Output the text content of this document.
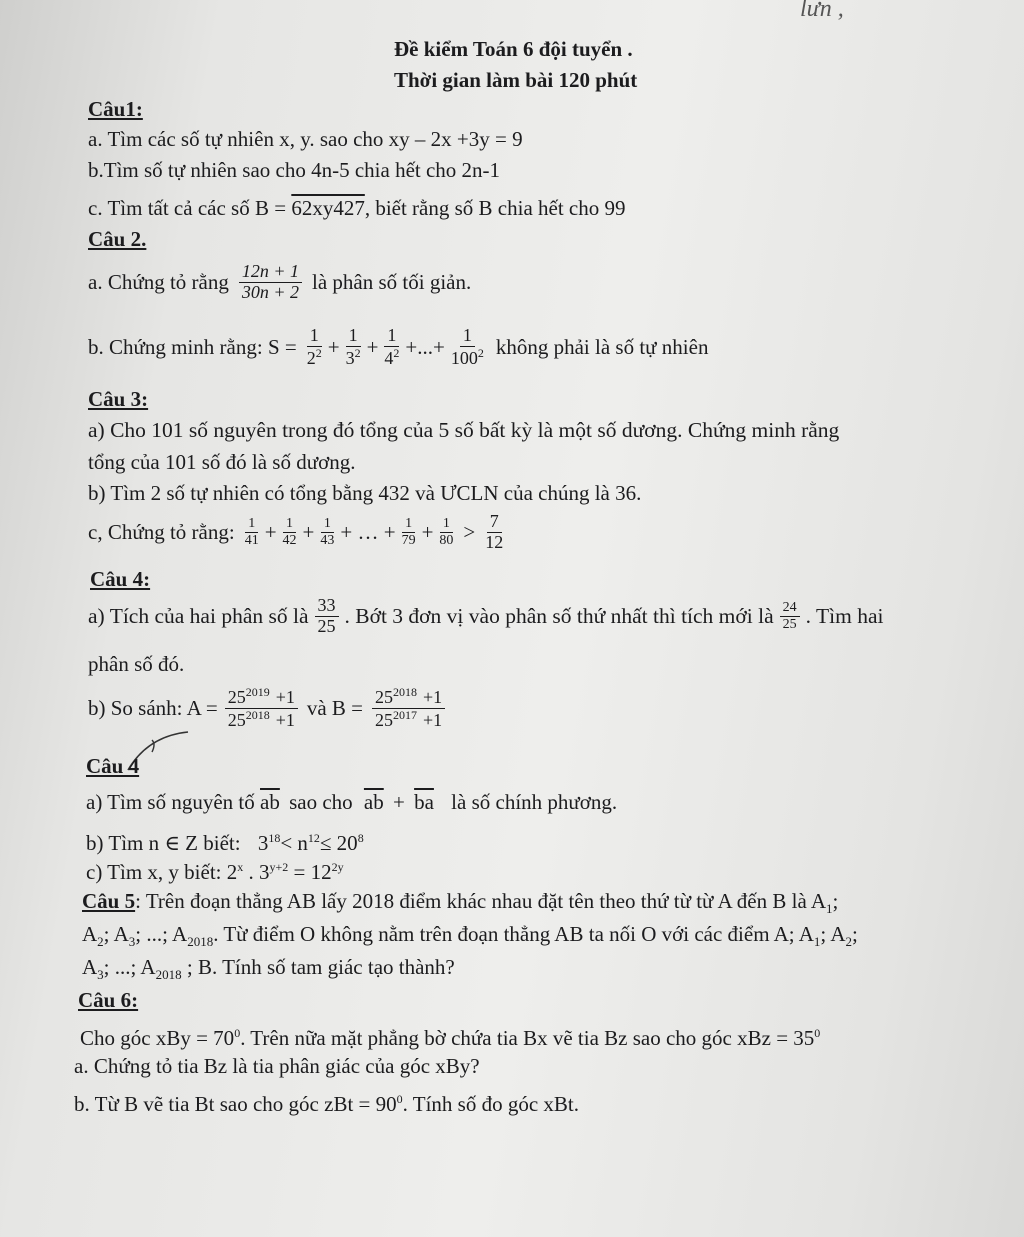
lưn ,
Đề kiểm Toán 6 đội tuyển .
Thời gian làm bài 120 phút
Câu1:
a. Tìm các số tự nhiên x, y. sao cho xy – 2x +3y = 9
b.Tìm số tự nhiên sao cho 4n-5 chia hết cho 2n-1
c. Tìm tất cả các số B = 62xy427, biết rằng số B chia hết cho 99
Câu 2.
a. Chứng tỏ rằng $\frac{12n + 1}{30n + 2}$ là phân số tối giản.
b. Chứng minh rằng: $S = \frac{1}{2^2} + \frac{1}{3^2} + \frac{1}{4^2}$ +...+ $\frac{1}{100^2}$ không phải là số tự nhiên
Câu 3:
a) Cho 101 số nguyên trong đó tổng của 5 số bất kỳ là một số dương. Chứng minh rằng
tổng của 101 số đó là số dương.
b) Tìm 2 số tự nhiên có tổng bằng 432 và ƯCLN của chúng là 36.
c, Chứng tỏ rằng: $\frac{1}{41} + \frac{1}{42} + \frac{1}{43}$ + … + $\frac{1}{79} + \frac{1}{80} > \frac{7}{12}$
Câu 4:
a) Tích của hai phân số là $\frac{33}{25}$ . Bớt 3 đơn vị vào phân số thứ nhất thì tích mới là $\frac{24}{25}$ . Tìm hai
phân số đó.
b) So sánh: $A = \frac{25^{2019} +1}{25^{2018} +1}$ và $B = \frac{25^{2018} +1}{25^{2017} +1}$
Câu 4
a) Tìm số nguyên tố $\overline{ab}$ sao cho $\overline{ab} + \overline{ba}$ là số chính phương.
b) Tìm n ∈ Z biết: $3^{18}< n^{12}\le 20^8$
c) Tìm x, y biết: 2$^x$ . $3^{y+2} = 12^{2y}$
Câu 5: Trên đoạn thẳng AB lấy 2018 điểm khác nhau đặt tên theo thứ từ từ A đến B là $A_1$;
$A_2$; $A_3$; ...; $A_{2018}$. Từ điểm O không nằm trên đoạn thẳng AB ta nối O với các điểm A; $A_1$; $A_2$;
$A_3$; ...; $A_{2018}$ ; B. Tính số tam giác tạo thành?
Câu 6:
Cho góc xBy = $70^0$. Trên nữa mặt phẳng bờ chứa tia Bx vẽ tia Bz sao cho góc xBz = $35^0$
a. Chứng tỏ tia Bz là tia phân giác của góc xBy?
b. Từ B vẽ tia Bt sao cho góc zBt = $90^0$. Tính số đo góc xBt.
